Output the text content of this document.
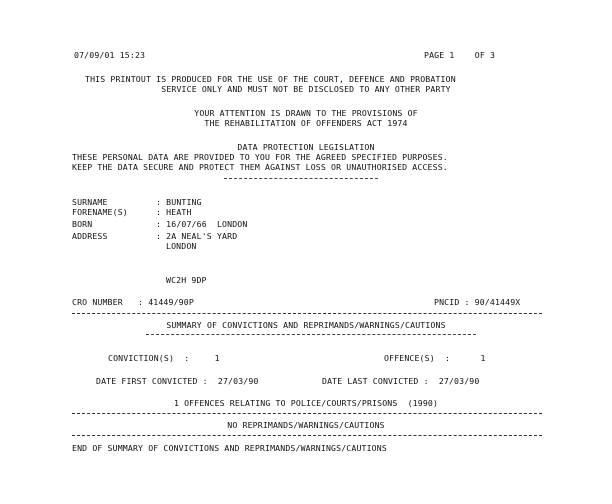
07/09/01 15:23	PAGE 1    OF 3
THIS PRINTOUT IS PRODUCED FOR THE USE OF THE COURT, DEFENCE AND PROBATION
SERVICE ONLY AND MUST NOT BE DISCLOSED TO ANY OTHER PARTY
YOUR ATTENTION IS DRAWN TO THE PROVISIONS OF
THE REHABILITATION OF OFFENDERS ACT 1974
DATA PROTECTION LEGISLATION
THESE PERSONAL DATA ARE PROVIDED TO YOU FOR THE AGREED SPECIFIED PURPOSES.
KEEP THE DATA SECURE AND PROTECT THEM AGAINST LOSS OR UNAUTHORISED ACCESS.
SURNAME	: BUNTING
FORENAME(S)	: HEATH
BORN	: 16/07/66  LONDON
ADDRESS	: 2A NEAL'S YARD
LONDON
WC2H 9DP
CRO NUMBER   : 41449/90P	PNCID : 90/41449X
SUMMARY OF CONVICTIONS AND REPRIMANDS/WARNINGS/CAUTIONS
CONVICTION(S)  :     1	OFFENCE(S)  :      1
DATE FIRST CONVICTED :  27/03/90	DATE LAST CONVICTED :  27/03/90
1 OFFENCES RELATING TO POLICE/COURTS/PRISONS  (1990)
NO REPRIMANDS/WARNINGS/CAUTIONS
END OF SUMMARY OF CONVICTIONS AND REPRIMANDS/WARNINGS/CAUTIONS
